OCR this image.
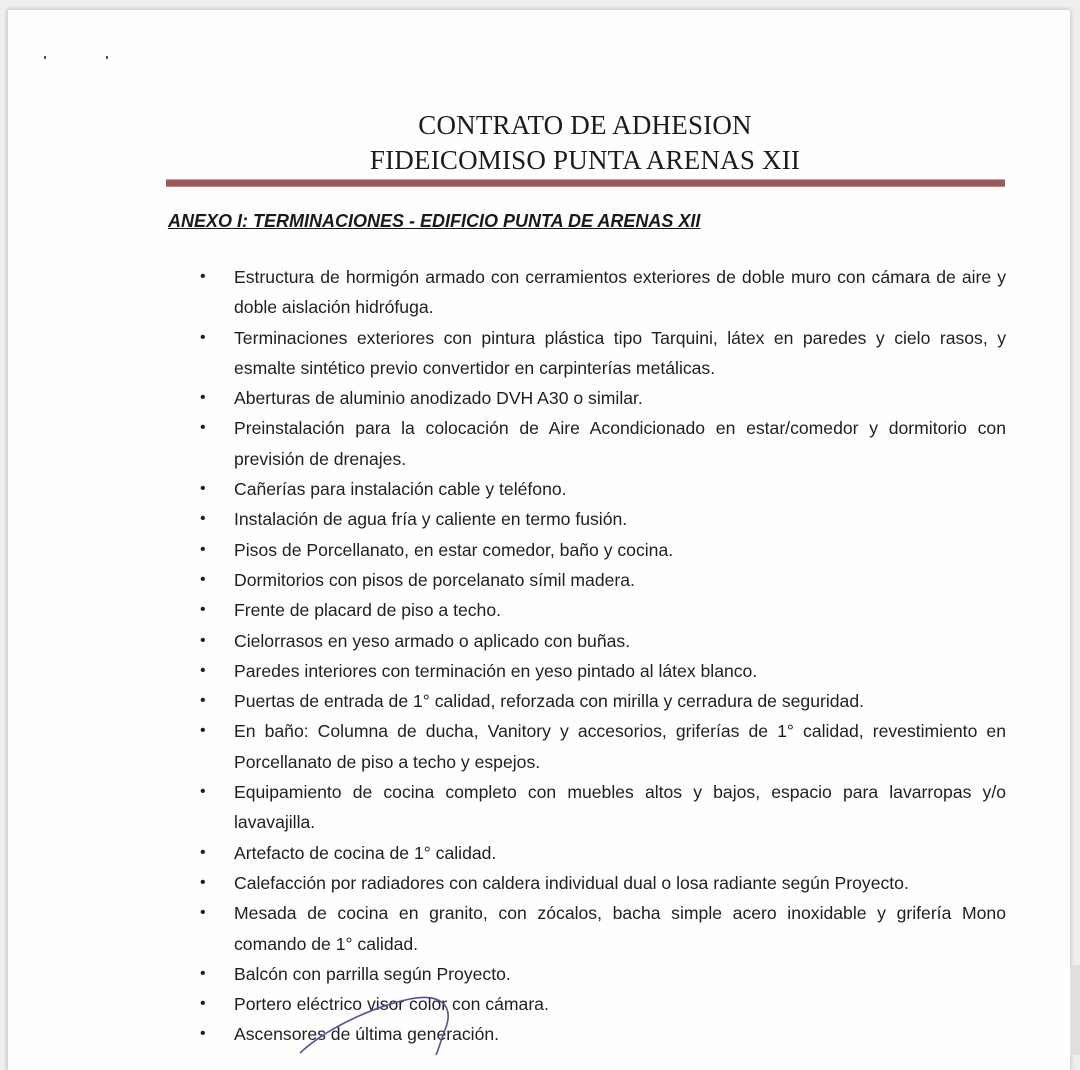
CONTRATO DE ADHESION
FIDEICOMISO PUNTA ARENAS XII
ANEXO I: TERMINACIONES - EDIFICIO PUNTA DE ARENAS XII
• Estructura de hormigón armado con cerramientos exteriores de doble muro con cámara de aire y doble aislación hidrófuga.
• Terminaciones exteriores con pintura plástica tipo Tarquini, látex en paredes y cielo rasos, y esmalte sintético previo convertidor en carpinterías metálicas.
• Aberturas de aluminio anodizado DVH A30 o similar.
• Preinstalación para la colocación de Aire Acondicionado en estar/comedor y dormitorio con previsión de drenajes.
• Cañerías para instalación cable y teléfono.
• Instalación de agua fría y caliente en termo fusión.
• Pisos de Porcellanato, en estar comedor, baño y cocina.
• Dormitorios con pisos de porcelanato símil madera.
• Frente de placard de piso a techo.
• Cielorrasos en yeso armado o aplicado con buñas.
• Paredes interiores con terminación en yeso pintado al látex blanco.
• Puertas de entrada de 1° calidad, reforzada con mirilla y cerradura de seguridad.
• En baño: Columna de ducha, Vanitory y accesorios, griferías de 1° calidad, revestimiento en Porcellanato de piso a techo y espejos.
• Equipamiento de cocina completo con muebles altos y bajos, espacio para lavarropas y/o lavavajilla.
• Artefacto de cocina de 1° calidad.
• Calefacción por radiadores con caldera individual dual o losa radiante según Proyecto.
• Mesada de cocina en granito, con zócalos, bacha simple acero inoxidable y grifería Mono comando de 1° calidad.
• Balcón con parrilla según Proyecto.
• Portero eléctrico visor color con cámara.
• Ascensores de última generación.
